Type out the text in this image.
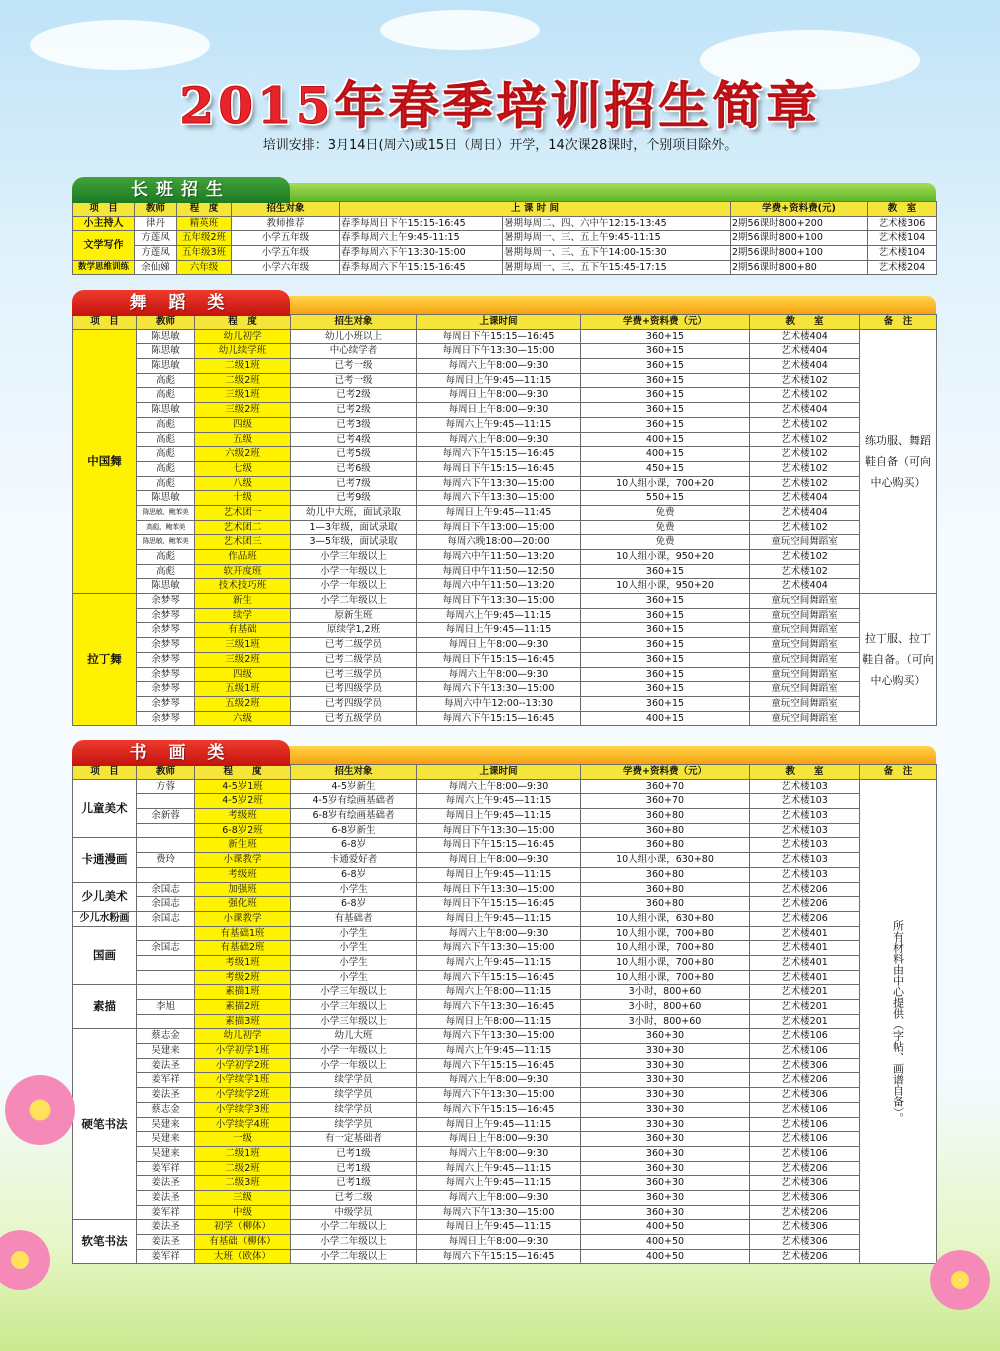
2015年春季培训招生简章
培训安排：3月14日(周六)或15日（周日）开学，14次课28课时，个别项目除外。
长班招生
项　目	教师	程　度	招生对象	上 课 时 间		学费+资料费(元)	教　室
小主持人	律丹	精英班	教师推荐	春季每周日下午15:15-16:45	暑期每周二、四、六中午12:15-13:45	2期56课时800+200	艺术楼306
文学写作	方莲凤	五年级2班	小学五年级	春季每周六上午9:45-11:15	暑期每周一、三、五上午9:45-11:15	2期56课时800+100	艺术楼104
	方莲凤	五年级3班	小学五年级	春季每周六下午13:30-15:00	暑期每周一、三、五下午14:00-15:30	2期56课时800+100	艺术楼104
数学思维训练	余仙娣	六年级	小学六年级	春季每周六下午15:15-16:45	暑期每周一、三、五下午15:45-17:15	2期56课时800+80	艺术楼204
舞 蹈 类
项　目	教师	程　度	招生对象	上课时间	学费+资料费（元）	教　　室	备　注
中国舞	陈思敏	幼儿初学	幼儿小班以上	每周日下午15:15—16:45	360+15	艺术楼404	练功服、舞蹈鞋自备（可向中心购买）
	陈思敏	幼儿续学班	中心续学者	每周日下午13:30—15:00	360+15	艺术楼404	
	陈思敏	二级1班	已考一级	每周六上午8:00—9:30	360+15	艺术楼404	
	高彪	二级2班	已考一级	每周日上午9:45—11:15	360+15	艺术楼102	
	高彪	三级1班	已考2级	每周日上午8:00—9:30	360+15	艺术楼102	
	陈思敏	三级2班	已考2级	每周日上午8:00—9:30	360+15	艺术楼404	
	高彪	四级	已考3级	每周六上午9:45—11:15	360+15	艺术楼102	
	高彪	五级	已考4级	每周六上午8:00—9:30	400+15	艺术楼102	
	高彪	六级2班	已考5级	每周六下午15:15—16:45	400+15	艺术楼102	
	高彪	七级	已考6级	每周日下午15:15—16:45	450+15	艺术楼102	
	高彪	八级	已考7级	每周六下午13:30—15:00	10人组小课，700+20	艺术楼102	
	陈思敏	十级	已考9级	每周六下午13:30—15:00	550+15	艺术楼404	
	陈思敏、鲍苯美	艺术团一	幼儿中大班，面试录取	每周日上午9:45—11:45	免费	艺术楼404	
	高彪、鲍苯美	艺术团二	1—3年级，面试录取	每周日下午13:00—15:00	免费	艺术楼102	
	陈思敏、鲍苯美	艺术团三	3—5年级，面试录取	每周六晚18:00—20:00	免费	童玩空间舞蹈室	
	高彪	作品班	小学三年级以上	每周六中午11:50—13:20	10人组小课，950+20	艺术楼102	
	高彪	软开度班	小学一年级以上	每周日中午11:50—12:50	360+15	艺术楼102	
	陈思敏	技术技巧班	小学一年级以上	每周六中午11:50—13:20	10人组小课，950+20	艺术楼404	
拉丁舞	余梦琴	新生	小学二年级以上	每周日下午13:30—15:00	360+15	童玩空间舞蹈室	拉丁服、拉丁鞋自备。（可向中心购买）
	余梦琴	续学	原新生班	每周六上午9:45—11:15	360+15	童玩空间舞蹈室	
	余梦琴	有基础	原续学1,2班	每周日上午9:45—11:15	360+15	童玩空间舞蹈室	
	余梦琴	三级1班	已考二级学员	每周日上午8:00—9:30	360+15	童玩空间舞蹈室	
	余梦琴	三级2班	已考二级学员	每周日下午15:15—16:45	360+15	童玩空间舞蹈室	
	余梦琴	四级	已考三级学员	每周六上午8:00—9:30	360+15	童玩空间舞蹈室	
	余梦琴	五级1班	已考四级学员	每周六下午13:30—15:00	360+15	童玩空间舞蹈室	
	余梦琴	五级2班	已考四级学员	每周六中午12:00--13:30	360+15	童玩空间舞蹈室	
	余梦琴	六级	已考五级学员	每周六下午15:15—16:45	400+15	童玩空间舞蹈室	
书 画 类
项　目	教师	程　　度	招生对象	上课时间	学费+资料费（元）	教　　室	备　注
儿童美术	方蓉	4-5岁1班	4-5岁新生	每周六上午8:00—9:30	360+70	艺术楼103	所有材料由中心提供（字帖、画谱自备）。
		4-5岁2班	4-5岁有绘画基础者	每周六上午9:45—11:15	360+70	艺术楼103	
	余新蓉	考级班	6-8岁有绘画基础者	每周日上午9:45—11:15	360+80	艺术楼103	
		6-8岁2班	6-8岁新生	每周日下午13:30—15:00	360+80	艺术楼103	
卡通漫画		新生班	6-8岁	每周日下午15:15—16:45	360+80	艺术楼103	
	费玲	小课教学	卡通爱好者	每周日上午8:00—9:30	10人组小课，630+80	艺术楼103	
		考级班	6-8岁	每周日上午9:45—11:15	360+80	艺术楼103	
少儿美术	余国志	加强班	小学生	每周日下午13:30—15:00	360+80	艺术楼206	
	余国志	强化班	6-8岁	每周日下午15:15—16:45	360+80	艺术楼206	
少儿水粉画	余国志	小课教学	有基础者	每周日上午9:45—11:15	10人组小课，630+80	艺术楼206	
国画		有基础1班	小学生	每周六上午8:00—9:30	10人组小课，700+80	艺术楼401	
	余国志	有基础2班	小学生	每周六下午13:30—15:00	10人组小课，700+80	艺术楼401	
		考级1班	小学生	每周六上午9:45—11:15	10人组小课，700+80	艺术楼401	
		考级2班	小学生	每周六下午15:15—16:45	10人组小课，700+80	艺术楼401	
素描		素描1班	小学三年级以上	每周六上午8:00—11:15	3小时，800+60	艺术楼201	
	李旭	素描2班	小学三年级以上	每周六下午13:30—16:45	3小时，800+60	艺术楼201	
		素描3班	小学三年级以上	每周日上午8:00—11:15	3小时，800+60	艺术楼201	
硬笔书法	蔡志金	幼儿初学	幼儿大班	每周六下午13:30—15:00	360+30	艺术楼106	
	吴建来	小学初学1班	小学一年级以上	每周六上午9:45—11:15	330+30	艺术楼106	
	姜法圣	小学初学2班	小学一年级以上	每周六下午15:15—16:45	330+30	艺术楼306	
	姜军祥	小学续学1班	续学学员	每周六上午8:00—9:30	330+30	艺术楼206	
	姜法圣	小学续学2班	续学学员	每周六下午13:30—15:00	330+30	艺术楼306	
	蔡志金	小学续学3班	续学学员	每周六下午15:15—16:45	330+30	艺术楼106	
	吴建来	小学续学4班	续学学员	每周日上午9:45—11:15	330+30	艺术楼106	
	吴建来	一级	有一定基础者	每周日上午8:00—9:30	360+30	艺术楼106	
	吴建来	二级1班	已考1级	每周六上午8:00—9:30	360+30	艺术楼106	
	姜军祥	二级2班	已考1级	每周六上午9:45—11:15	360+30	艺术楼206	
	姜法圣	二级3班	已考1级	每周六上午9:45—11:15	360+30	艺术楼306	
	姜法圣	三级	已考二级	每周六上午8:00—9:30	360+30	艺术楼306	
	姜军祥	中级	中级学员	每周六下午13:30—15:00	360+30	艺术楼206	
软笔书法	姜法圣	初学（柳体）	小学二年级以上	每周日上午9:45—11:15	400+50	艺术楼306	
	姜法圣	有基础（柳体）	小学二年级以上	每周日上午8:00—9:30	400+50	艺术楼306	
	姜军祥	大班（欧体）	小学二年级以上	每周六下午15:15—16:45	400+50	艺术楼206	
